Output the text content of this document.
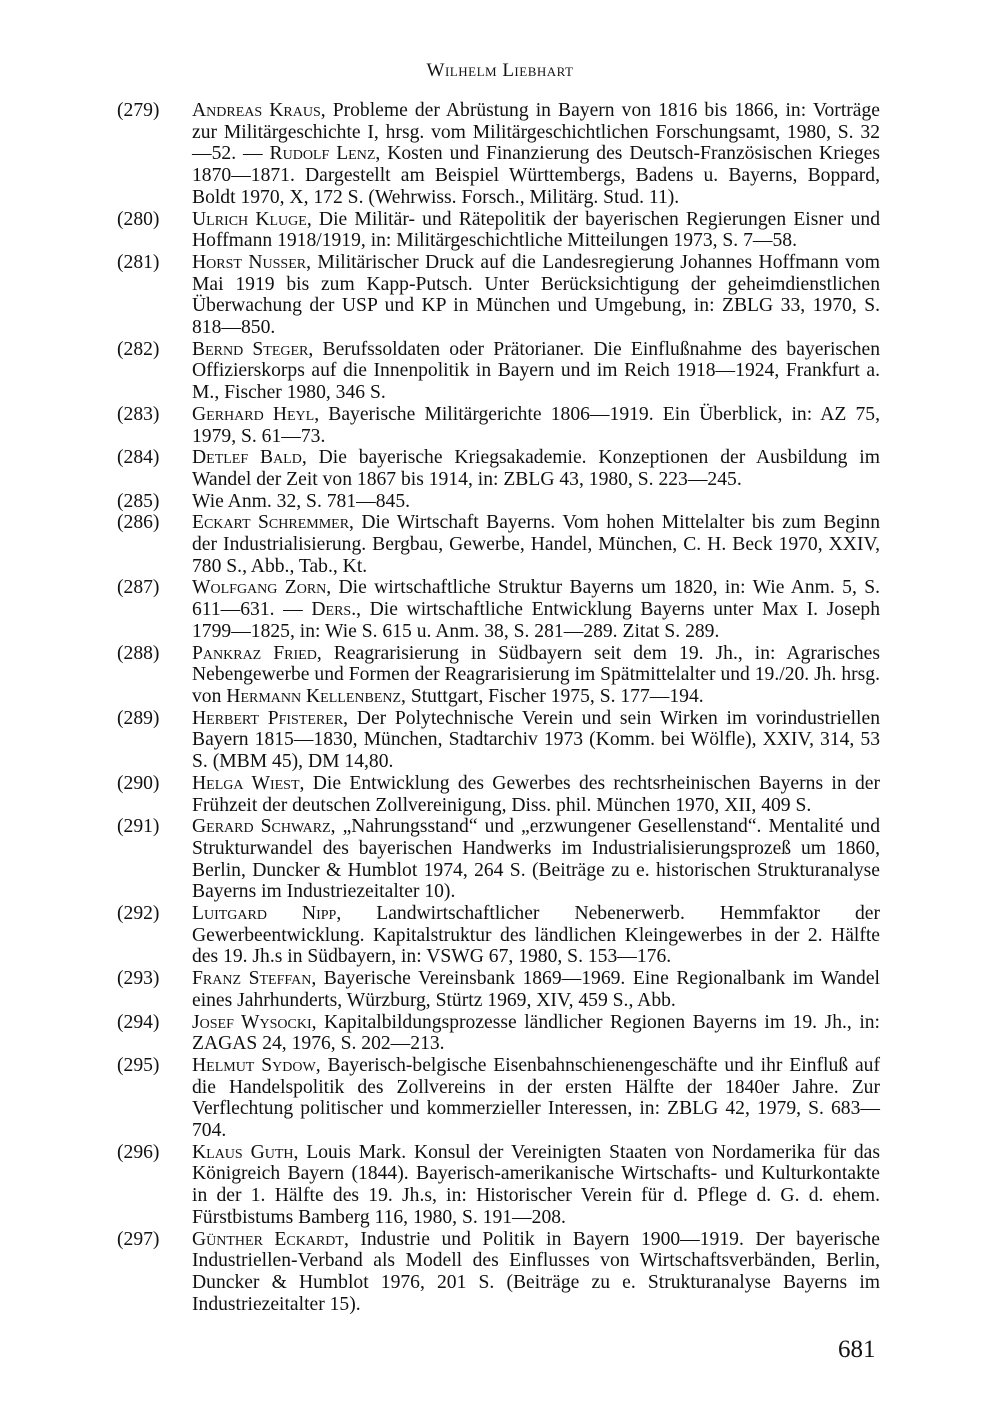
Wilhelm Liebhart
(279) Andreas Kraus, Probleme der Abrüstung in Bayern von 1816 bis 1866, in: Vorträge zur Militärgeschichte I, hrsg. vom Militärgeschichtlichen Forschungsamt, 1980, S. 32—52. — Rudolf Lenz, Kosten und Finanzierung des Deutsch-Französischen Krieges 1870—1871. Dargestellt am Beispiel Württembergs, Badens u. Bayerns, Boppard, Boldt 1970, X, 172 S. (Wehrwiss. Forsch., Militärg. Stud. 11).
(280) Ulrich Kluge, Die Militär- und Rätepolitik der bayerischen Regierungen Eisner und Hoffmann 1918/1919, in: Militärgeschichtliche Mitteilungen 1973, S. 7—58.
(281) Horst Nusser, Militärischer Druck auf die Landesregierung Johannes Hoffmann vom Mai 1919 bis zum Kapp-Putsch. Unter Berücksichtigung der geheimdienstlichen Überwachung der USP und KP in München und Umgebung, in: ZBLG 33, 1970, S. 818—850.
(282) Bernd Steger, Berufssoldaten oder Prätorianer. Die Einflußnahme des bayerischen Offizierskorps auf die Innenpolitik in Bayern und im Reich 1918—1924, Frankfurt a. M., Fischer 1980, 346 S.
(283) Gerhard Heyl, Bayerische Militärgerichte 1806—1919. Ein Überblick, in: AZ 75, 1979, S. 61—73.
(284) Detlef Bald, Die bayerische Kriegsakademie. Konzeptionen der Ausbildung im Wandel der Zeit von 1867 bis 1914, in: ZBLG 43, 1980, S. 223—245.
(285) Wie Anm. 32, S. 781—845.
(286) Eckart Schremmer, Die Wirtschaft Bayerns. Vom hohen Mittelalter bis zum Beginn der Industrialisierung. Bergbau, Gewerbe, Handel, München, C. H. Beck 1970, XXIV, 780 S., Abb., Tab., Kt.
(287) Wolfgang Zorn, Die wirtschaftliche Struktur Bayerns um 1820, in: Wie Anm. 5, S. 611—631. — Ders., Die wirtschaftliche Entwicklung Bayerns unter Max I. Joseph 1799—1825, in: Wie S. 615 u. Anm. 38, S. 281—289. Zitat S. 289.
(288) Pankraz Fried, Reagrarisierung in Südbayern seit dem 19. Jh., in: Agrarisches Nebengewerbe und Formen der Reagrarisierung im Spätmittelalter und 19./20. Jh. hrsg. von Hermann Kellenbenz, Stuttgart, Fischer 1975, S. 177—194.
(289) Herbert Pfisterer, Der Polytechnische Verein und sein Wirken im vorindustriellen Bayern 1815—1830, München, Stadtarchiv 1973 (Komm. bei Wölfle), XXIV, 314, 53 S. (MBM 45), DM 14,80.
(290) Helga Wiest, Die Entwicklung des Gewerbes des rechtsrheinischen Bayerns in der Frühzeit der deutschen Zollvereinigung, Diss. phil. München 1970, XII, 409 S.
(291) Gerard Schwarz, „Nahrungsstand“ und „erzwungener Gesellenstand“. Mentalité und Strukturwandel des bayerischen Handwerks im Industrialisierungsprozeß um 1860, Berlin, Duncker & Humblot 1974, 264 S. (Beiträge zu e. historischen Strukturanalyse Bayerns im Industriezeitalter 10).
(292) Luitgard Nipp, Landwirtschaftlicher Nebenerwerb. Hemmfaktor der Gewerbeentwicklung. Kapitalstruktur des ländlichen Kleingewerbes in der 2. Hälfte des 19. Jh.s in Südbayern, in: VSWG 67, 1980, S. 153—176.
(293) Franz Steffan, Bayerische Vereinsbank 1869—1969. Eine Regionalbank im Wandel eines Jahrhunderts, Würzburg, Stürtz 1969, XIV, 459 S., Abb.
(294) Josef Wysocki, Kapitalbildungsprozesse ländlicher Regionen Bayerns im 19. Jh., in: ZAGAS 24, 1976, S. 202—213.
(295) Helmut Sydow, Bayerisch-belgische Eisenbahnschienengeschäfte und ihr Einfluß auf die Handelspolitik des Zollvereins in der ersten Hälfte der 1840er Jahre. Zur Verflechtung politischer und kommerzieller Interessen, in: ZBLG 42, 1979, S. 683—704.
(296) Klaus Guth, Louis Mark. Konsul der Vereinigten Staaten von Nordamerika für das Königreich Bayern (1844). Bayerisch-amerikanische Wirtschafts- und Kulturkontakte in der 1. Hälfte des 19. Jh.s, in: Historischer Verein für d. Pflege d. G. d. ehem. Fürstbistums Bamberg 116, 1980, S. 191—208.
(297) Günther Eckardt, Industrie und Politik in Bayern 1900—1919. Der bayerische Industriellen-Verband als Modell des Einflusses von Wirtschaftsverbänden, Berlin, Duncker & Humblot 1976, 201 S. (Beiträge zu e. Strukturanalyse Bayerns im Industriezeitalter 15).
681
